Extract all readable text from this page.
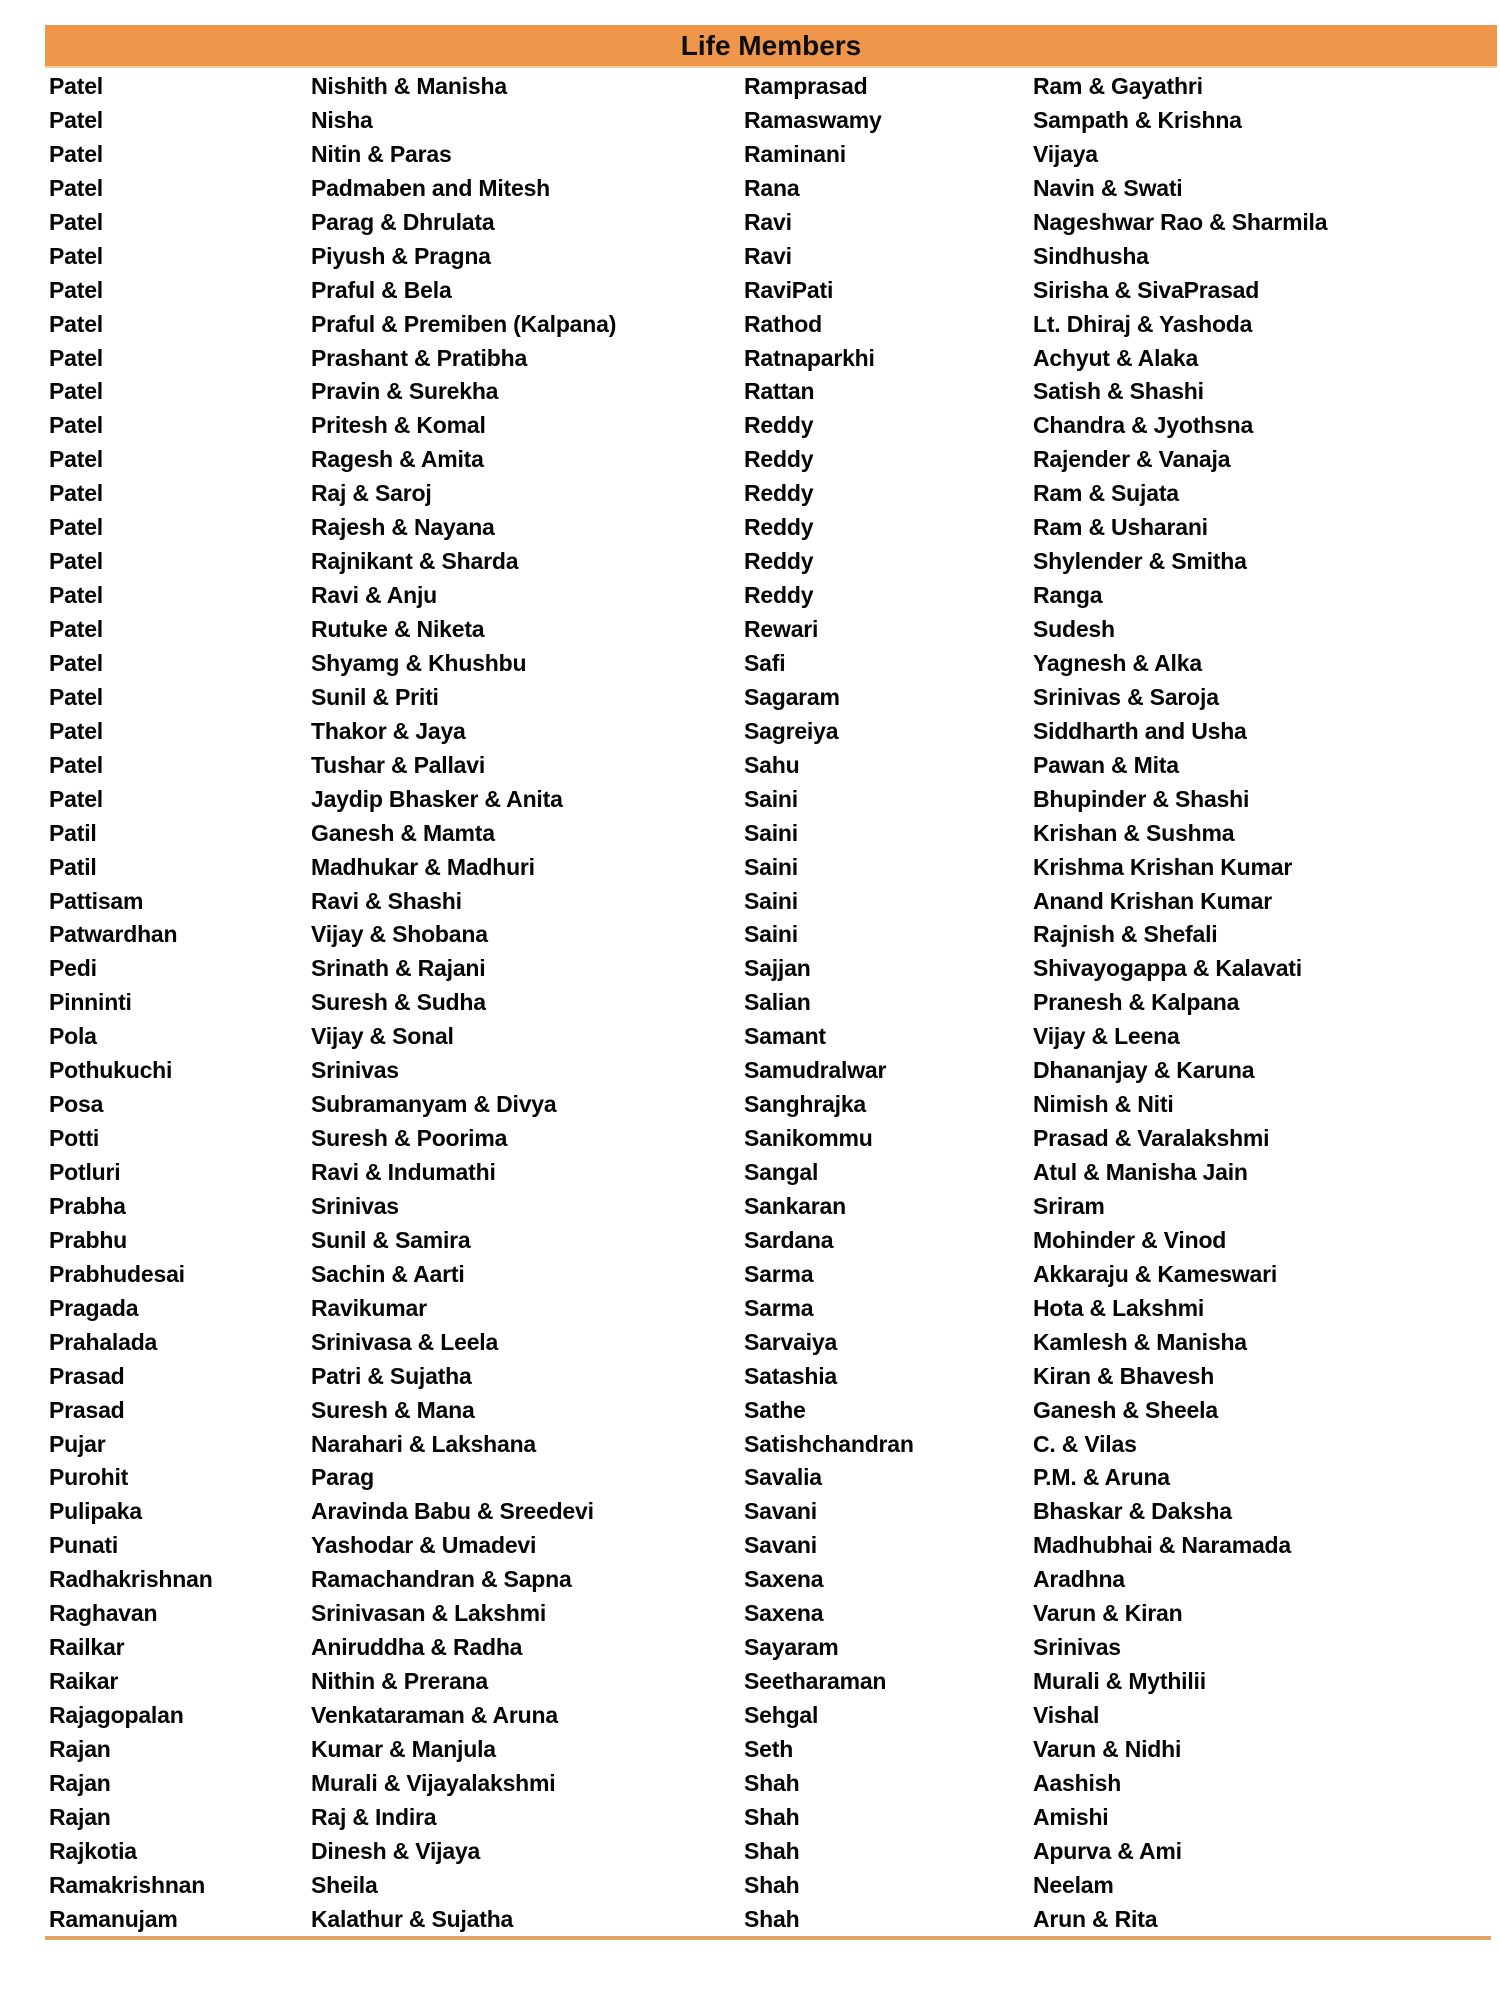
Life Members
Patel	Nishith & Manisha	Ramprasad	Ram & Gayathri
Patel	Nisha	Ramaswamy	Sampath & Krishna
Patel	Nitin & Paras	Raminani	Vijaya
Patel	Padmaben and Mitesh	Rana	Navin & Swati
Patel	Parag & Dhrulata	Ravi	Nageshwar Rao & Sharmila
Patel	Piyush & Pragna	Ravi	Sindhusha
Patel	Praful & Bela	RaviPati	Sirisha & SivaPrasad
Patel	Praful & Premiben (Kalpana)	Rathod	Lt. Dhiraj & Yashoda
Patel	Prashant & Pratibha	Ratnaparkhi	Achyut & Alaka
Patel	Pravin & Surekha	Rattan	Satish & Shashi
Patel	Pritesh & Komal	Reddy	Chandra & Jyothsna
Patel	Ragesh & Amita	Reddy	Rajender & Vanaja
Patel	Raj & Saroj	Reddy	Ram & Sujata
Patel	Rajesh & Nayana	Reddy	Ram & Usharani
Patel	Rajnikant & Sharda	Reddy	Shylender & Smitha
Patel	Ravi & Anju	Reddy	Ranga
Patel	Rutuke & Niketa	Rewari	Sudesh
Patel	Shyamg & Khushbu	Safi	Yagnesh & Alka
Patel	Sunil & Priti	Sagaram	Srinivas & Saroja
Patel	Thakor & Jaya	Sagreiya	Siddharth and Usha
Patel	Tushar & Pallavi	Sahu	Pawan & Mita
Patel	Jaydip Bhasker & Anita	Saini	Bhupinder & Shashi
Patil	Ganesh & Mamta	Saini	Krishan & Sushma
Patil	Madhukar & Madhuri	Saini	Krishma Krishan Kumar
Pattisam	Ravi & Shashi	Saini	Anand Krishan Kumar
Patwardhan	Vijay & Shobana	Saini	Rajnish & Shefali
Pedi	Srinath & Rajani	Sajjan	Shivayogappa & Kalavati
Pinninti	Suresh & Sudha	Salian	Pranesh & Kalpana
Pola	Vijay & Sonal	Samant	Vijay & Leena
Pothukuchi	Srinivas	Samudralwar	Dhananjay & Karuna
Posa	Subramanyam & Divya	Sanghrajka	Nimish & Niti
Potti	Suresh & Poorima	Sanikommu	Prasad & Varalakshmi
Potluri	Ravi & Indumathi	Sangal	Atul & Manisha Jain
Prabha	Srinivas	Sankaran	Sriram
Prabhu	Sunil & Samira	Sardana	Mohinder & Vinod
Prabhudesai	Sachin & Aarti	Sarma	Akkaraju & Kameswari
Pragada	Ravikumar	Sarma	Hota & Lakshmi
Prahalada	Srinivasa & Leela	Sarvaiya	Kamlesh & Manisha
Prasad	Patri & Sujatha	Satashia	Kiran & Bhavesh
Prasad	Suresh & Mana	Sathe	Ganesh & Sheela
Pujar	Narahari & Lakshana	Satishchandran	C. & Vilas
Purohit	Parag	Savalia	P.M. & Aruna
Pulipaka	Aravinda Babu & Sreedevi	Savani	Bhaskar & Daksha
Punati	Yashodar & Umadevi	Savani	Madhubhai & Naramada
Radhakrishnan	Ramachandran & Sapna	Saxena	Aradhna
Raghavan	Srinivasan & Lakshmi	Saxena	Varun & Kiran
Railkar	Aniruddha & Radha	Sayaram	Srinivas
Raikar	Nithin & Prerana	Seetharaman	Murali & Mythilii
Rajagopalan	Venkataraman & Aruna	Sehgal	Vishal
Rajan	Kumar & Manjula	Seth	Varun & Nidhi
Rajan	Murali & Vijayalakshmi	Shah	Aashish
Rajan	Raj & Indira	Shah	Amishi
Rajkotia	Dinesh & Vijaya	Shah	Apurva & Ami
Ramakrishnan	Sheila	Shah	Neelam
Ramanujam	Kalathur & Sujatha	Shah	Arun & Rita
